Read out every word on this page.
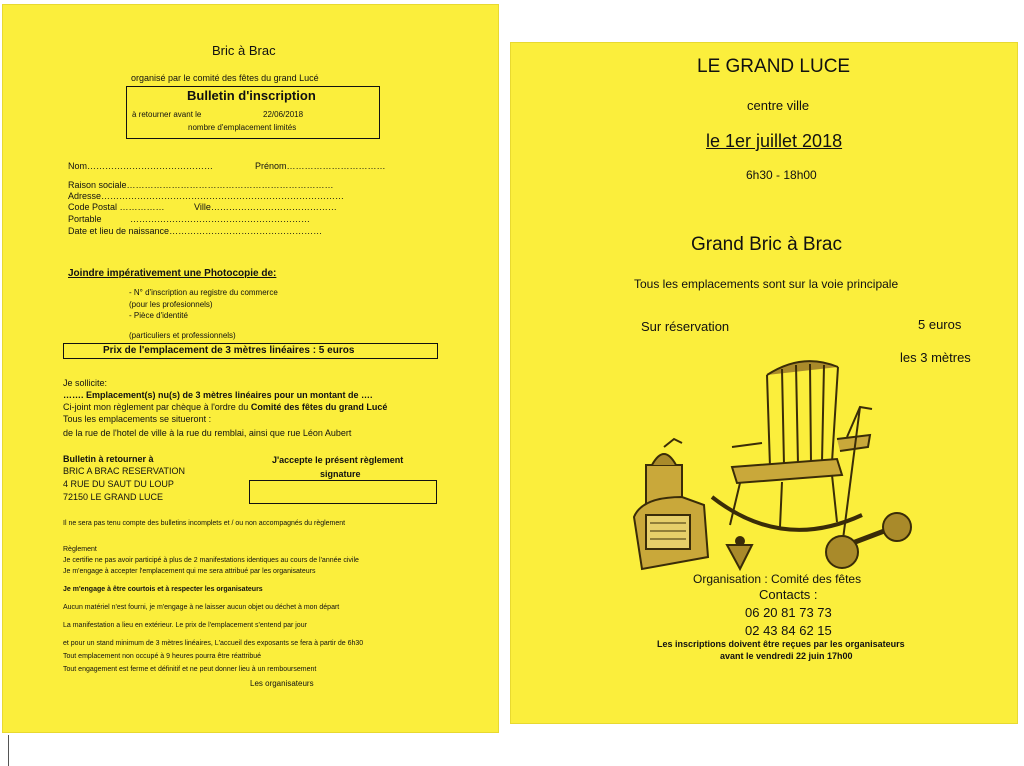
Bric à Brac
organisé par le comité des fêtes du grand Lucé
Bulletin d'inscription
à retourner avant le	22/06/2018
nombre d'emplacement limités
Nom……………………………………	Prénom……………………………
Raison sociale……………………………………………………………
Adresse………………………………………………………………………
Code Postal ……………	Ville……………………………………
Portable	……………………………………………………
Date et lieu de naissance……………………………………………
Joindre impérativement une Photocopie de:
- N° d'inscription au registre du commerce
(pour les profesionnels)
- Pièce d'identité
(particuliers et professionnels)
Prix de l'emplacement de 3 mètres linéaires : 5 euros
Je sollicite:
……. Emplacement(s) nu(s) de 3 mètres linéaires pour un montant de ….
Ci-joint mon règlement par chèque à l'ordre du Comité des fêtes du grand Lucé
Tous les emplacements se situeront :
de la rue de l'hotel de ville à la rue du remblai, ainsi que rue Léon Aubert
Bulletin à retourner à
BRIC A BRAC RESERVATION
4 RUE DU SAUT DU LOUP
72150 LE GRAND LUCE
J'accepte le présent règlement
signature
Il ne sera pas tenu compte des bulletins incomplets et / ou non accompagnés du règlement
Règlement
Je certifie ne pas avoir participé à plus de 2 manifestations identiques au cours de l'année civile
Je m'engage à accepter l'emplacement qui me sera attribué par les organisateurs
Je m'engage à être courtois et à respecter les organisateurs
Aucun matériel n'est fourni, je m'engage à ne laisser aucun objet ou déchet à mon départ
La manifestation a lieu en extérieur. Le prix de l'emplacement s'entend par jour
et pour un stand minimum de 3 mètres linéaires, L'accueil des exposants se fera à partir de 6h30
Tout emplacement non occupé à 9 heures pourra être réattribué
Tout engagement est ferme et définitif et ne peut donner lieu à un remboursement
Les organisateurs
LE GRAND LUCE
centre ville
le 1er juillet 2018
6h30 - 18h00
Grand Bric à Brac
Tous les emplacements sont sur la voie principale
Sur réservation	5 euros
les 3 mètres
Organisation : Comité des fêtes
Contacts :
06 20 81 73 73
02 43 84 62 15
Les inscriptions doivent être reçues par les organisateurs
avant le vendredi 22 juin 17h00
